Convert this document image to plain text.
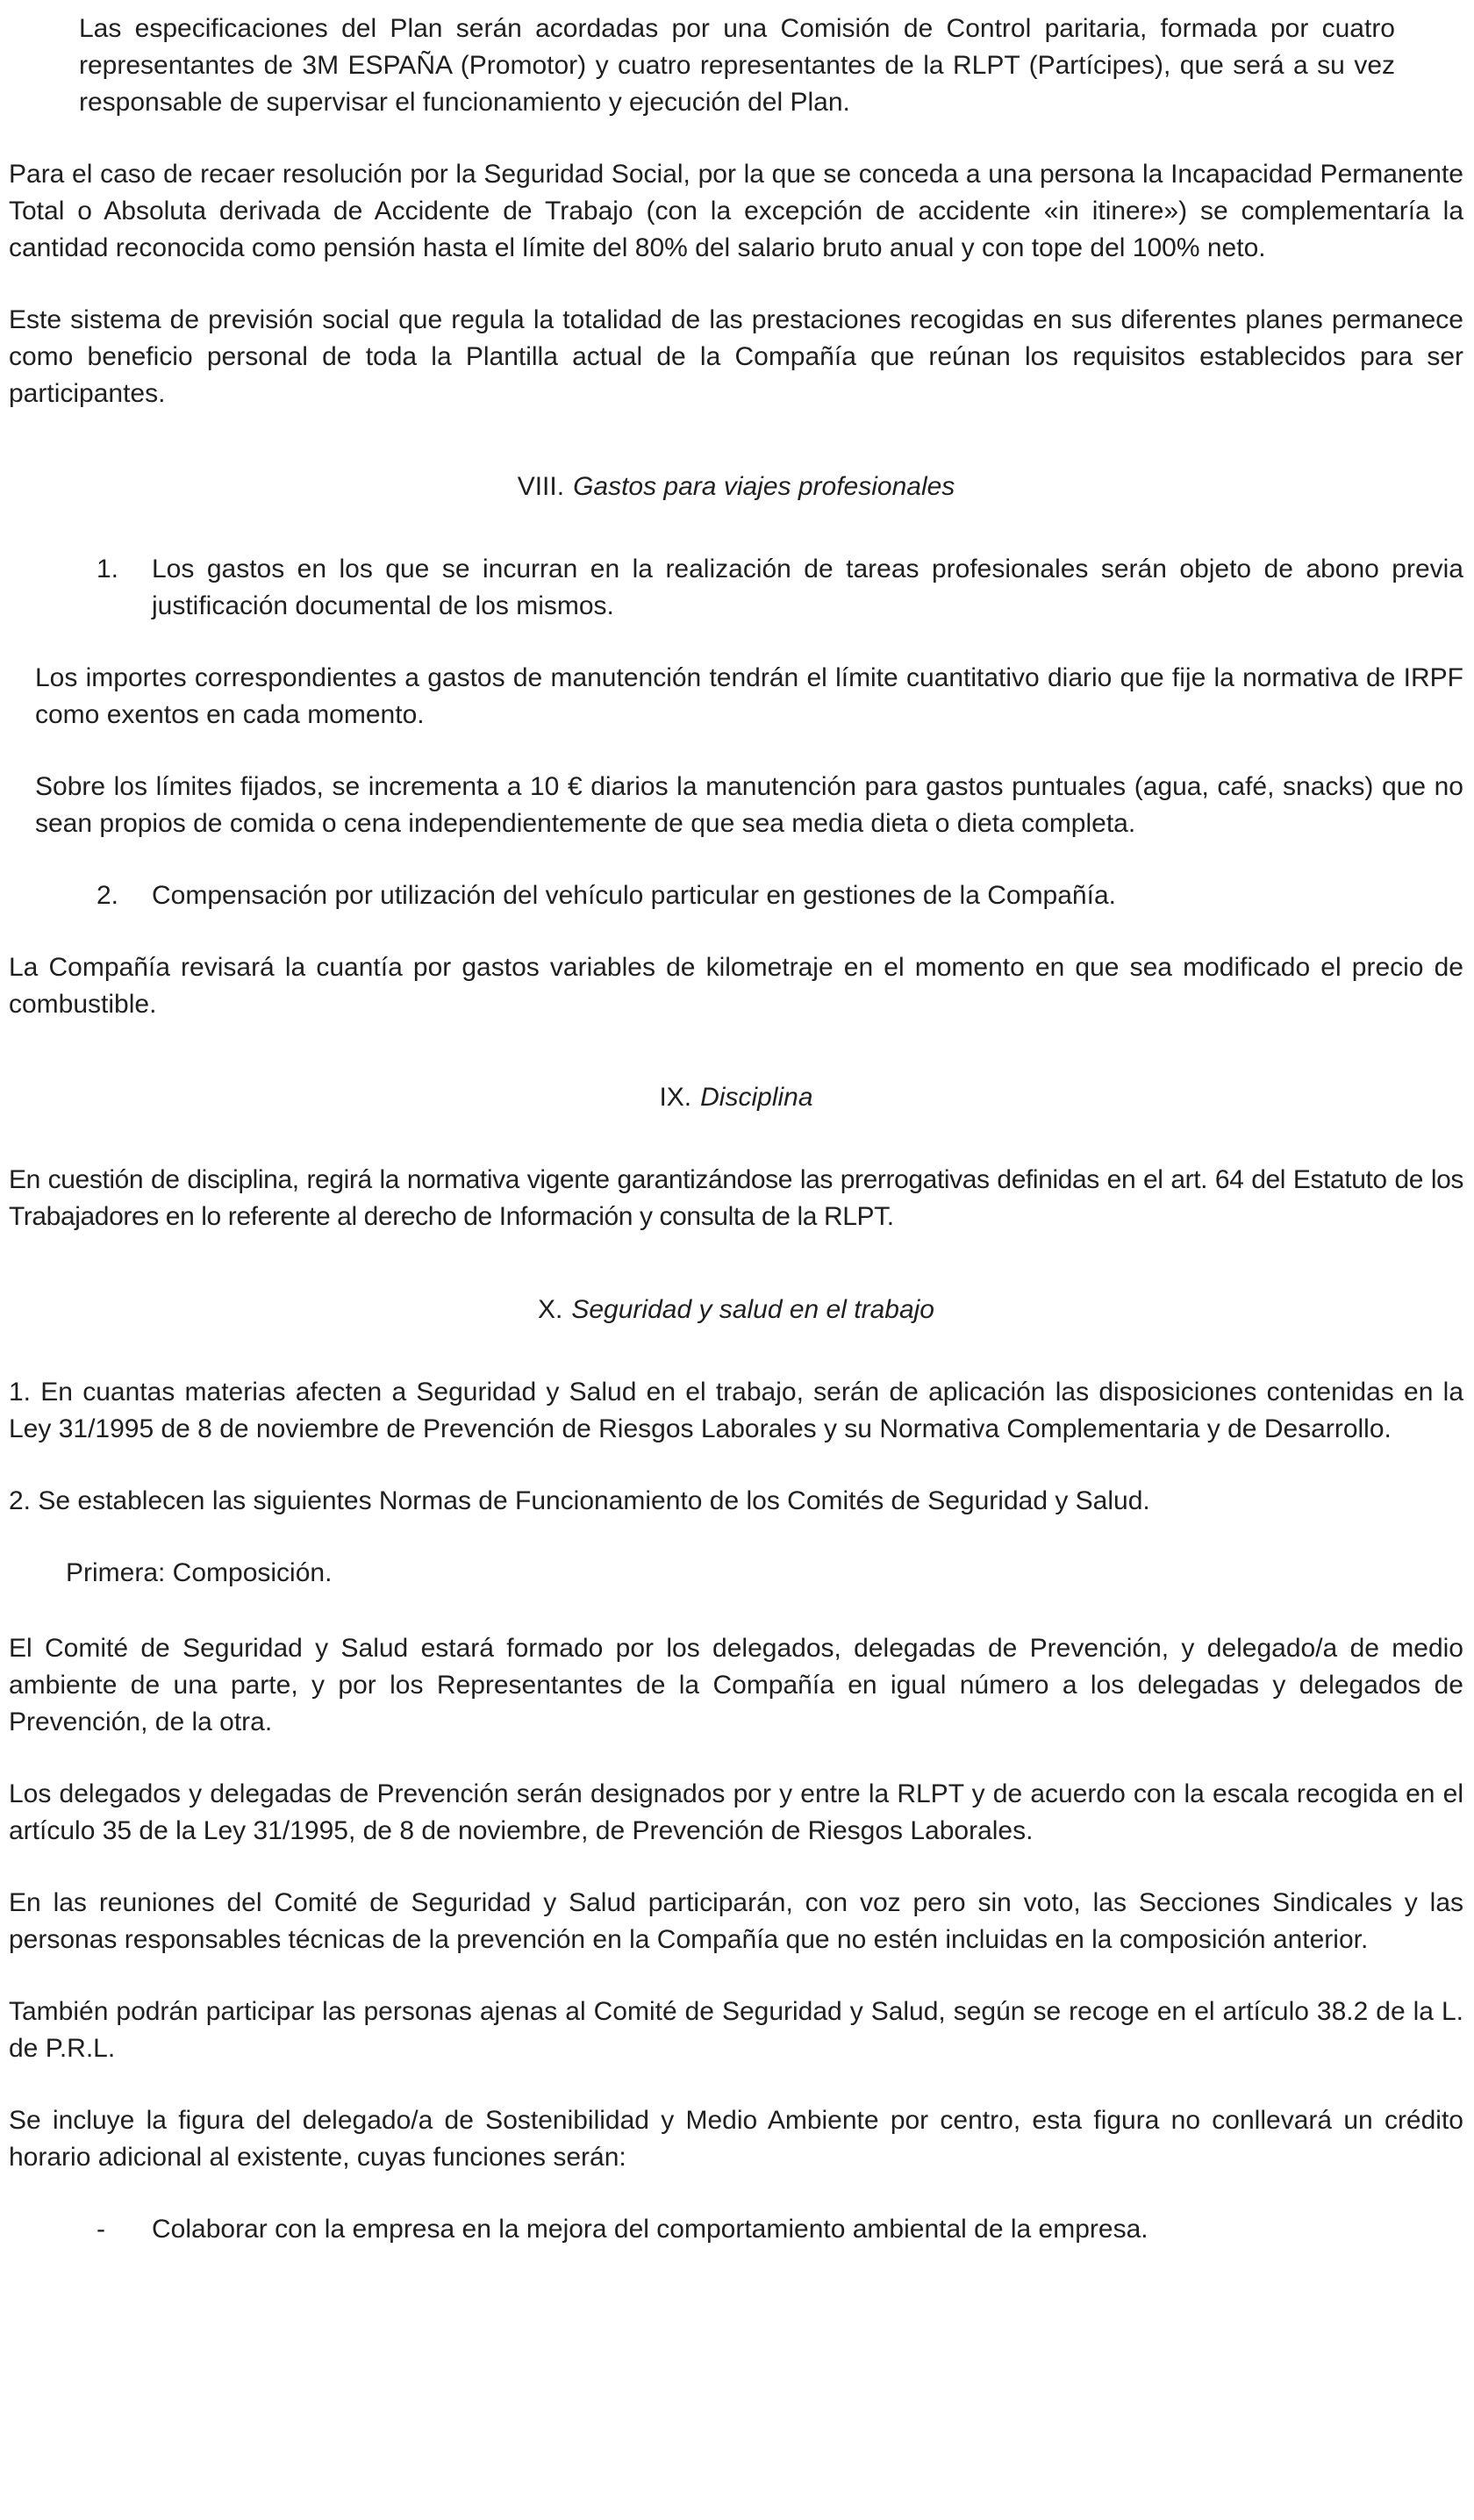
Las especificaciones del Plan serán acordadas por una Comisión de Control paritaria, formada por cuatro representantes de 3M ESPAÑA (Promotor) y cuatro representantes de la RLPT (Partícipes), que será a su vez responsable de supervisar el funcionamiento y ejecución del Plan.

Para el caso de recaer resolución por la Seguridad Social, por la que se conceda a una persona la Incapacidad Permanente Total o Absoluta derivada de Accidente de Trabajo (con la excepción de accidente «in itinere») se complementaría la cantidad reconocida como pensión hasta el límite del 80% del salario bruto anual y con tope del 100% neto.

Este sistema de previsión social que regula la totalidad de las prestaciones recogidas en sus diferentes planes permanece como beneficio personal de toda la Plantilla actual de la Compañía que reúnan los requisitos establecidos para ser participantes.

VIII. Gastos para viajes profesionales
1. Los gastos en los que se incurran en la realización de tareas profesionales serán objeto de abono previa justificación documental de los mismos.

Los importes correspondientes a gastos de manutención tendrán el límite cuantitativo diario que fije la normativa de IRPF como exentos en cada momento.

Sobre los límites fijados, se incrementa a 10 € diarios la manutención para gastos puntuales (agua, café, snacks) que no sean propios de comida o cena independientemente de que sea media dieta o dieta completa.

2. Compensación por utilización del vehículo particular en gestiones de la Compañía.

La Compañía revisará la cuantía por gastos variables de kilometraje en el momento en que sea modificado el precio de combustible.

IX. Disciplina

En cuestión de disciplina, regirá la normativa vigente garantizándose las prerrogativas definidas en el art. 64 del Estatuto de los Trabajadores en lo referente al derecho de Información y consulta de la RLPT.

X. Seguridad y salud en el trabajo

1. En cuantas materias afecten a Seguridad y Salud en el trabajo, serán de aplicación las disposiciones contenidas en la Ley 31/1995 de 8 de noviembre de Prevención de Riesgos Laborales y su Normativa Complementaria y de Desarrollo.

2. Se establecen las siguientes Normas de Funcionamiento de los Comités de Seguridad y Salud.

Primera: Composición.

El Comité de Seguridad y Salud estará formado por los delegados, delegadas de Prevención, y delegado/a de medio ambiente de una parte, y por los Representantes de la Compañía en igual número a los delegadas y delegados de Prevención, de la otra.

Los delegados y delegadas de Prevención serán designados por y entre la RLPT y de acuerdo con la escala recogida en el artículo 35 de la Ley 31/1995, de 8 de noviembre, de Prevención de Riesgos Laborales.

En las reuniones del Comité de Seguridad y Salud participarán, con voz pero sin voto, las Secciones Sindicales y las personas responsables técnicas de la prevención en la Compañía que no estén incluidas en la composición anterior.

También podrán participar las personas ajenas al Comité de Seguridad y Salud, según se recoge en el artículo 38.2 de la L. de P.R.L.

Se incluye la figura del delegado/a de Sostenibilidad y Medio Ambiente por centro, esta figura no conllevará un crédito horario adicional al existente, cuyas funciones serán:

- Colaborar con la empresa en la mejora del comportamiento ambiental de la empresa.
